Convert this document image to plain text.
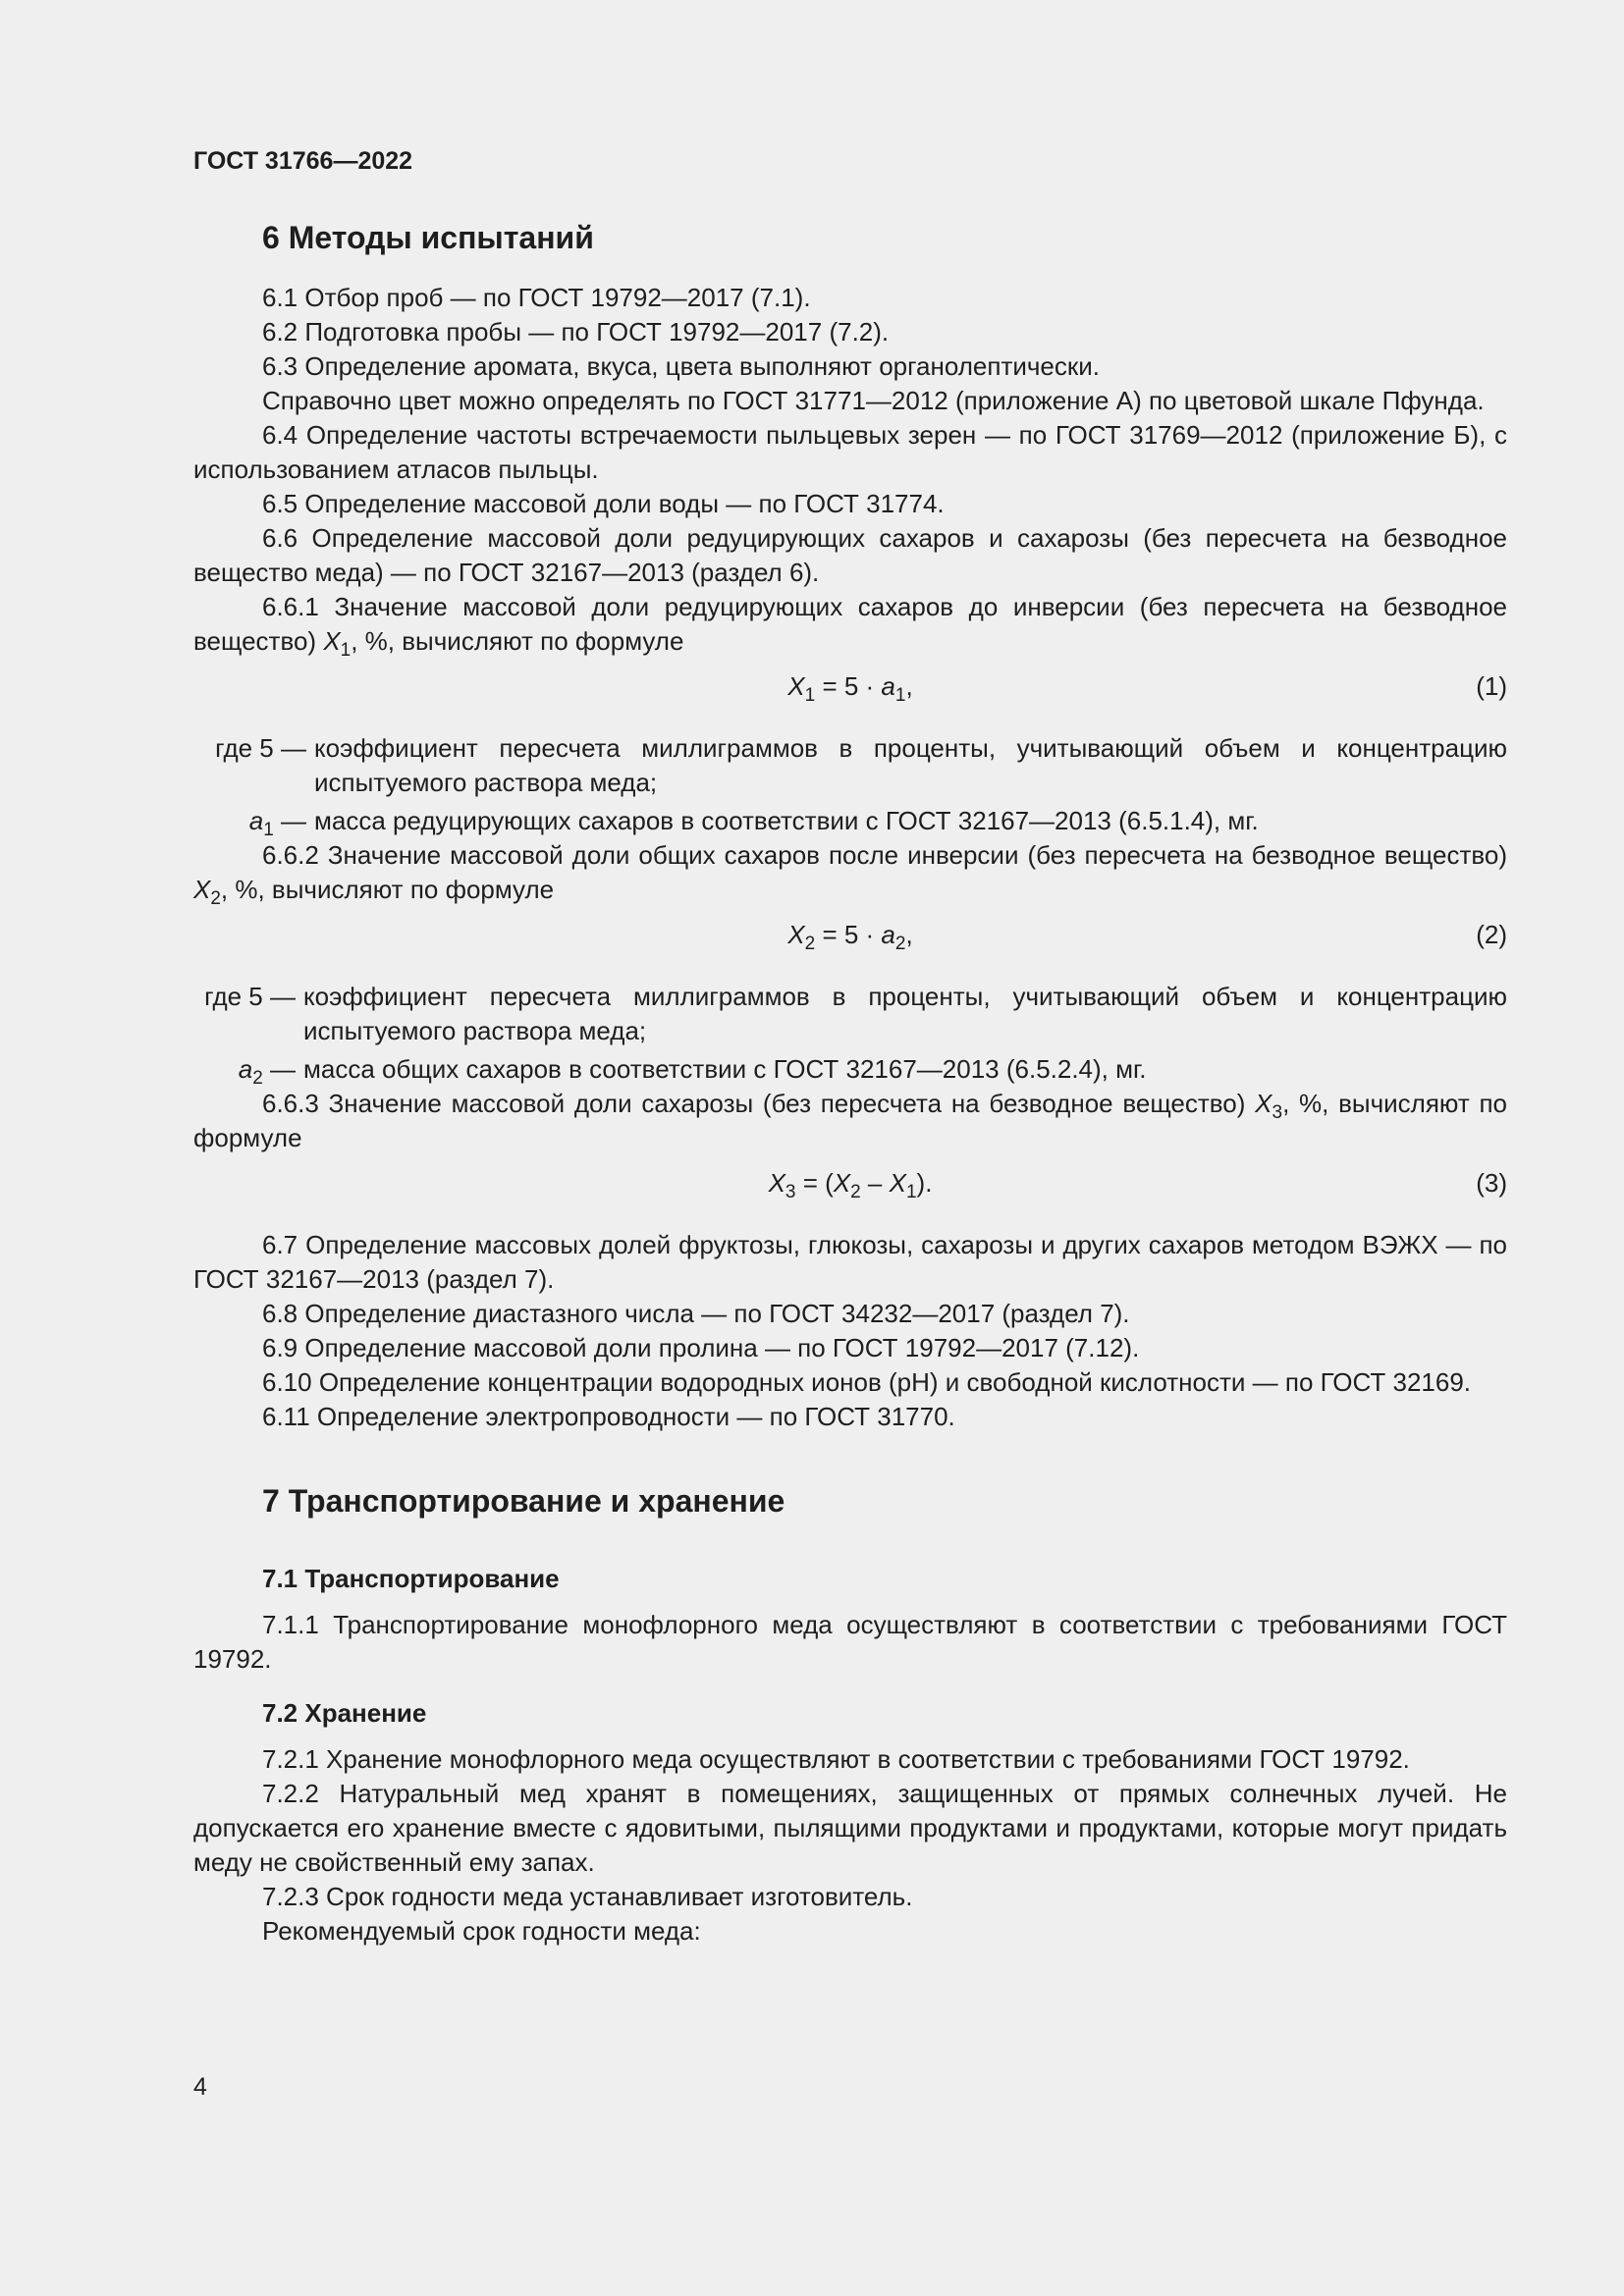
ГОСТ 31766—2022
6 Методы испытаний

6.1 Отбор проб — по ГОСТ 19792—2017 (7.1).

6.2 Подготовка пробы — по ГОСТ 19792—2017 (7.2).

6.3 Определение аромата, вкуса, цвета выполняют органолептически.

Справочно цвет можно определять по ГОСТ 31771—2012 (приложение А) по цветовой шкале Пфунда.

6.4 Определение частоты встречаемости пыльцевых зерен — по ГОСТ 31769—2012 (приложение Б), с использованием атласов пыльцы.

6.5 Определение массовой доли воды — по ГОСТ 31774.

6.6 Определение массовой доли редуцирующих сахаров и сахарозы (без пересчета на безводное вещество меда) — по ГОСТ 32167—2013 (раздел 6).

6.6.1 Значение массовой доли редуцирующих сахаров до инверсии (без пересчета на безводное вещество) $X_1$, %, вычисляют по формуле

$X_1 = 5 \cdot a_1$,	(1)
где 5 — коэффициент пересчета миллиграммов в проценты, учитывающий объем и концентрацию испытуемого раствора меда;
$a_1$ — масса редуцирующих сахаров в соответствии с ГОСТ 32167—2013 (6.5.1.4), мг.

6.6.2 Значение массовой доли общих сахаров после инверсии (без пересчета на безводное вещество) $X_2$, %, вычисляют по формуле

$X_2 = 5 \cdot a_2$,	(2)
где 5 — коэффициент пересчета миллиграммов в проценты, учитывающий объем и концентрацию испытуемого раствора меда;
$a_2$ — масса общих сахаров в соответствии с ГОСТ 32167—2013 (6.5.2.4), мг.

6.6.3 Значение массовой доли сахарозы (без пересчета на безводное вещество) $X_3$, %, вычисляют по формуле

$X_3 = (X_2 - X_1)$.	(3)

6.7 Определение массовых долей фруктозы, глюкозы, сахарозы и других сахаров методом ВЭЖХ — по ГОСТ 32167—2013 (раздел 7).

6.8 Определение диастазного числа — по ГОСТ 34232—2017 (раздел 7).

6.9 Определение массовой доли пролина — по ГОСТ 19792—2017 (7.12).

6.10 Определение концентрации водородных ионов (рН) и свободной кислотности — по ГОСТ 32169.

6.11 Определение электропроводности — по ГОСТ 31770.

7 Транспортирование и хранение
7.1 Транспортирование

7.1.1 Транспортирование монофлорного меда осуществляют в соответствии с требованиями ГОСТ 19792.

7.2 Хранение

7.2.1 Хранение монофлорного меда осуществляют в соответствии с требованиями ГОСТ 19792.

7.2.2 Натуральный мед хранят в помещениях, защищенных от прямых солнечных лучей. Не допускается его хранение вместе с ядовитыми, пылящими продуктами и продуктами, которые могут придать меду не свойственный ему запах.

7.2.3 Срок годности меда устанавливает изготовитель.

Рекомендуемый срок годности меда:

4
